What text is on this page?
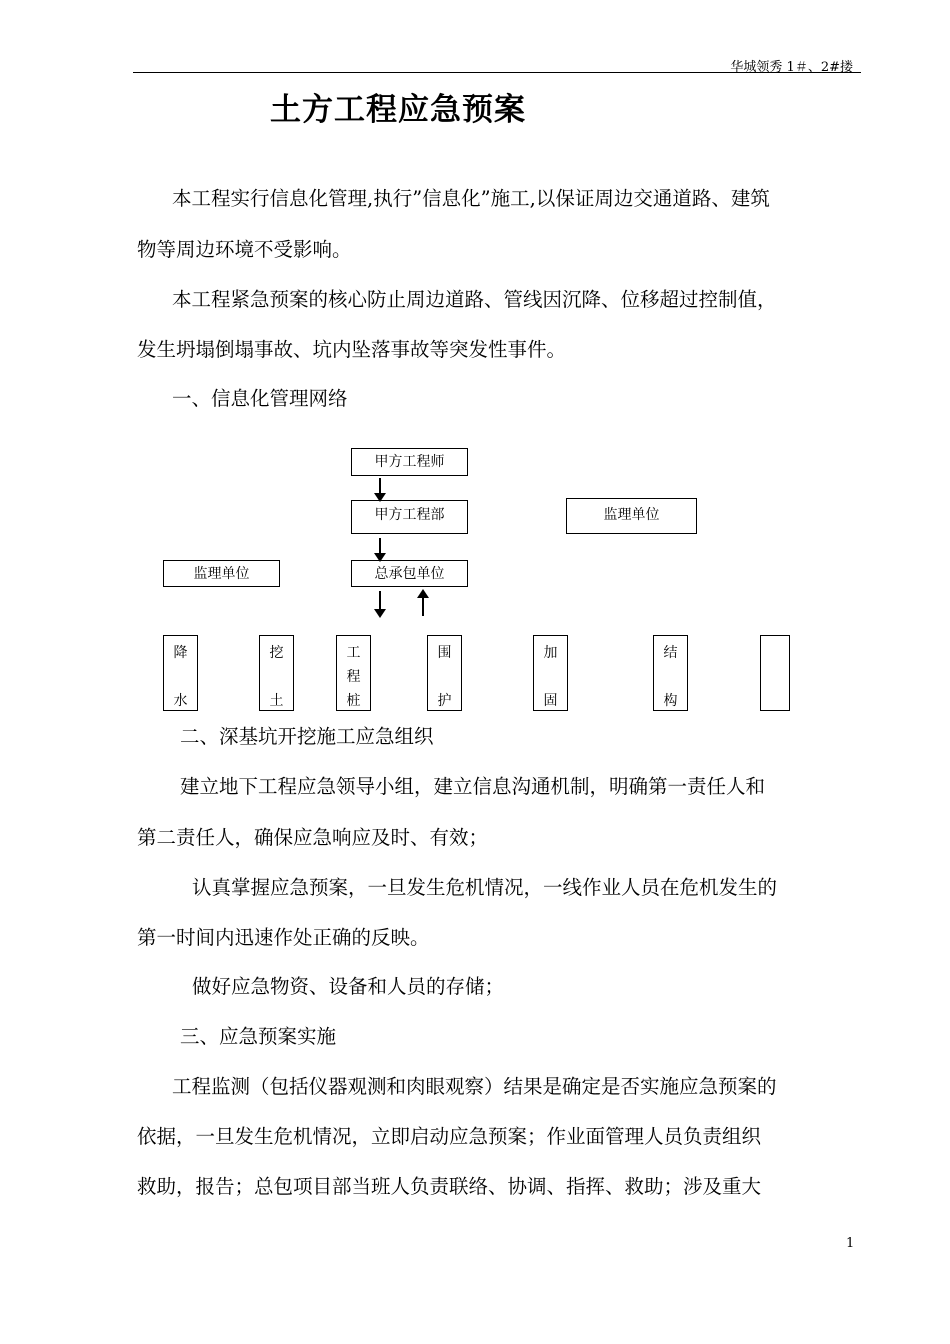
华城领秀 1＃、2#搂
土方工程应急预案
本工程实行信息化管理,执行”信息化”施工,以保证周边交通道路、建筑
物等周边环境不受影响。
本工程紧急预案的核心防止周边道路、管线因沉降、位移超过控制值，
发生坍塌倒塌事故、坑内坠落事故等突发性事件。
一、信息化管理网络
甲方工程师
甲方工程部	监理单位
监理单位	总承包单位
降
水
挖
土
工
程
桩
围
护
加
固
结
构
二、深基坑开挖施工应急组织
建立地下工程应急领导小组，建立信息沟通机制，明确第一责任人和
第二责任人，确保应急响应及时、有效；
认真掌握应急预案，一旦发生危机情况，一线作业人员在危机发生的
第一时间内迅速作处正确的反映。
做好应急物资、设备和人员的存储；
三、应急预案实施
工程监测（包括仪器观测和肉眼观察）结果是确定是否实施应急预案的
依据，一旦发生危机情况，立即启动应急预案；作业面管理人员负责组织
救助，报告；总包项目部当班人负责联络、协调、指挥、救助；涉及重大
1
